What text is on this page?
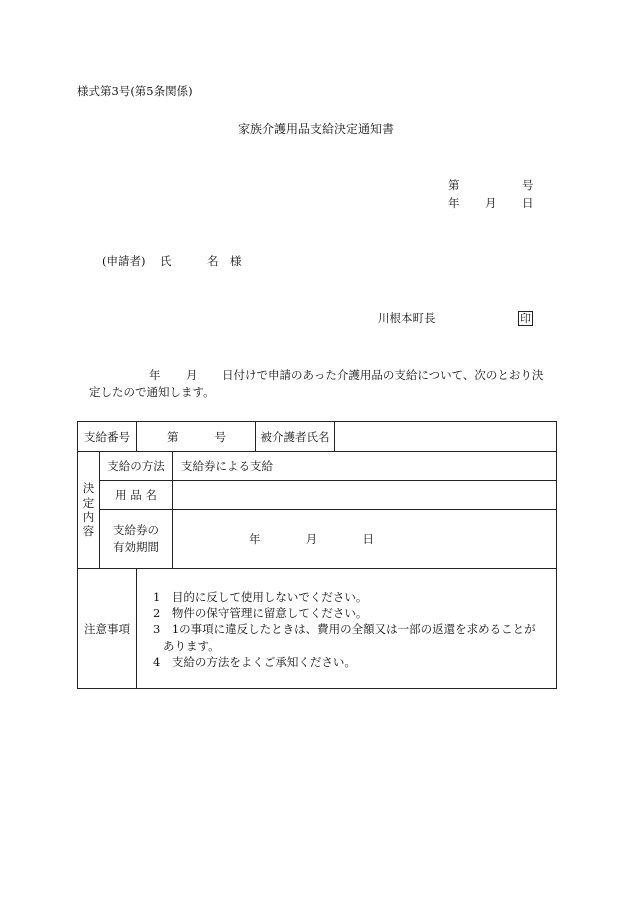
様式第3号(第5条関係)
家族介護用品支給決定通知書
第	号
年 月 日
(申請者) 氏	名 様
川根本町長	印
年 月 日付けで申請のあった介護用品の支給について、次のとおり決
定したので通知します。
支給番号		第 号		被介護者氏名	

決
定
内
容	支給の方法		支給券による支給		
	用 品 名				

	支給券の
有効期間		年 月 日		

注意事項		1　目的に反して使用しないでください。
2　物件の保守管理に留意してください。
3　1の事項に違反したときは、費用の全額又は一部の返還を求めることが
あります。
4　支給の方法をよくご承知ください。			
